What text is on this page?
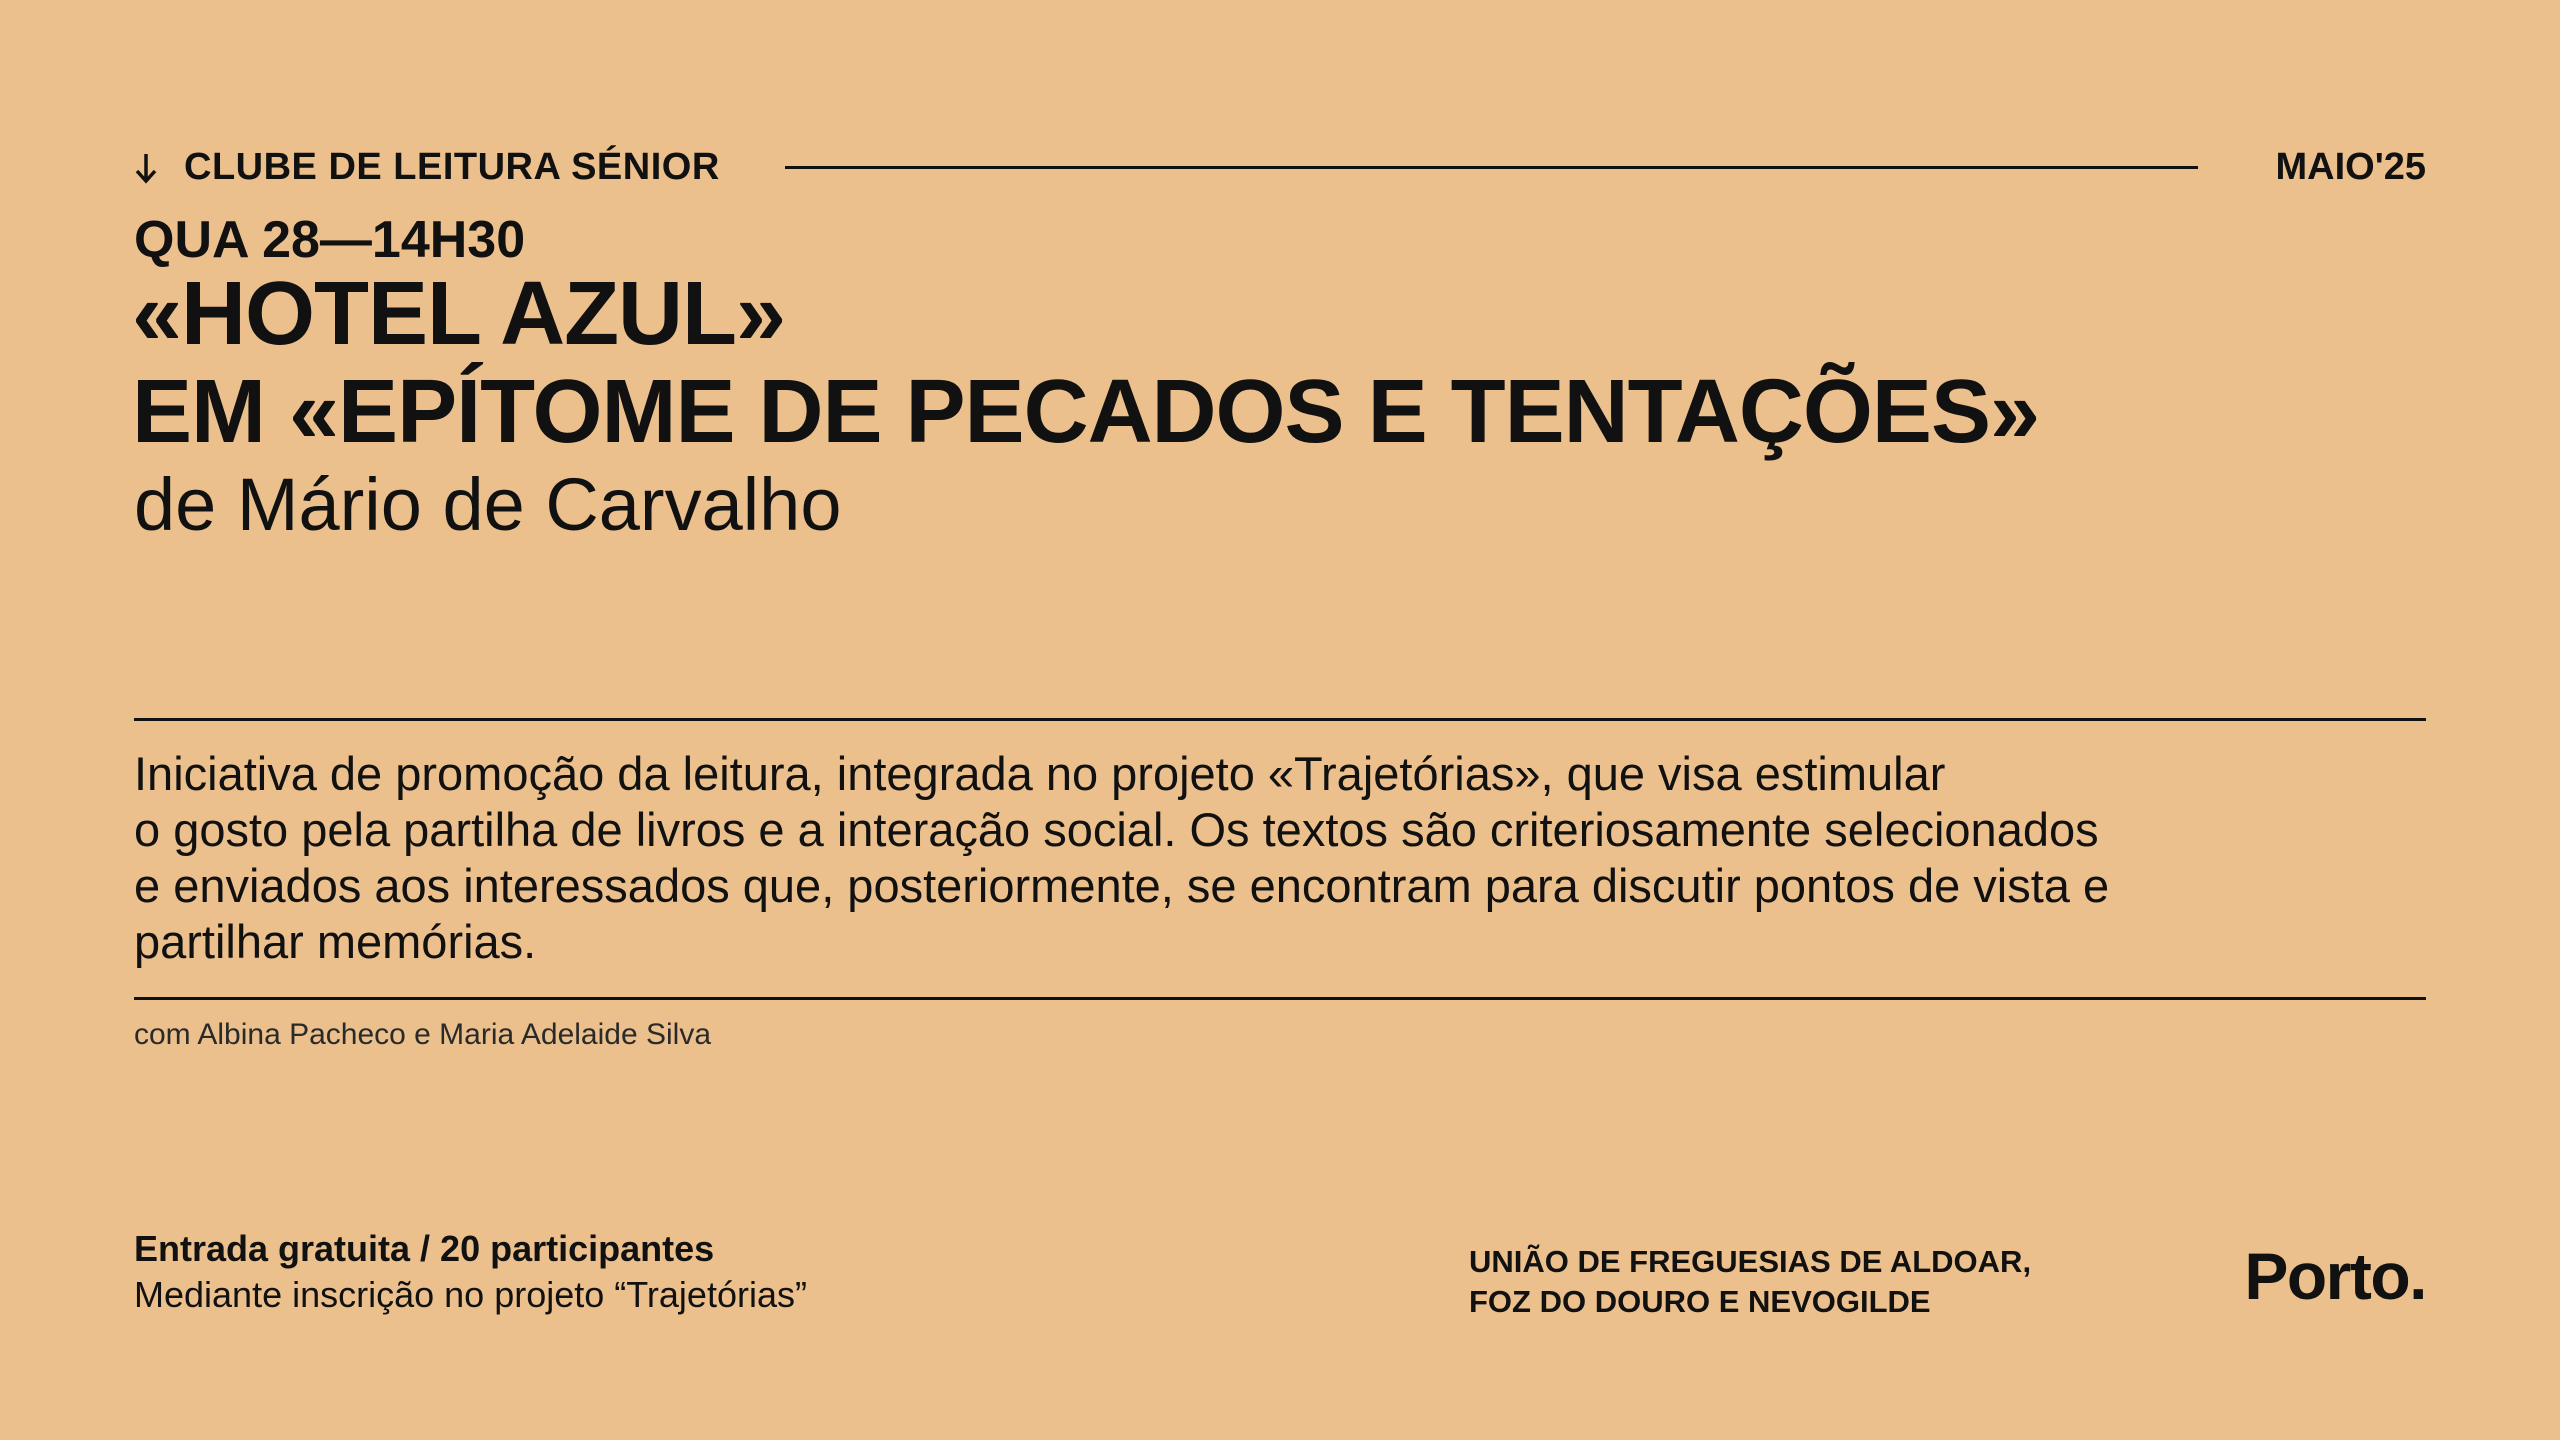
CLUBE DE LEITURA SÉNIOR	MAIO'25
QUA 28—14H30
«HOTEL AZUL»
EM «EPÍTOME DE PECADOS E TENTAÇÕES»
de Mário de Carvalho
Iniciativa de promoção da leitura, integrada no projeto «Trajetórias», que visa estimular
o gosto pela partilha de livros e a interação social. Os textos são criteriosamente selecionados
e enviados aos interessados que, posteriormente, se encontram para discutir pontos de vista e
partilhar memórias.
com Albina Pacheco e Maria Adelaide Silva
Entrada gratuita / 20 participantes
Mediante inscrição no projeto “Trajetórias”
UNIÃO DE FREGUESIAS DE ALDOAR,
FOZ DO DOURO E NEVOGILDE	Porto.
